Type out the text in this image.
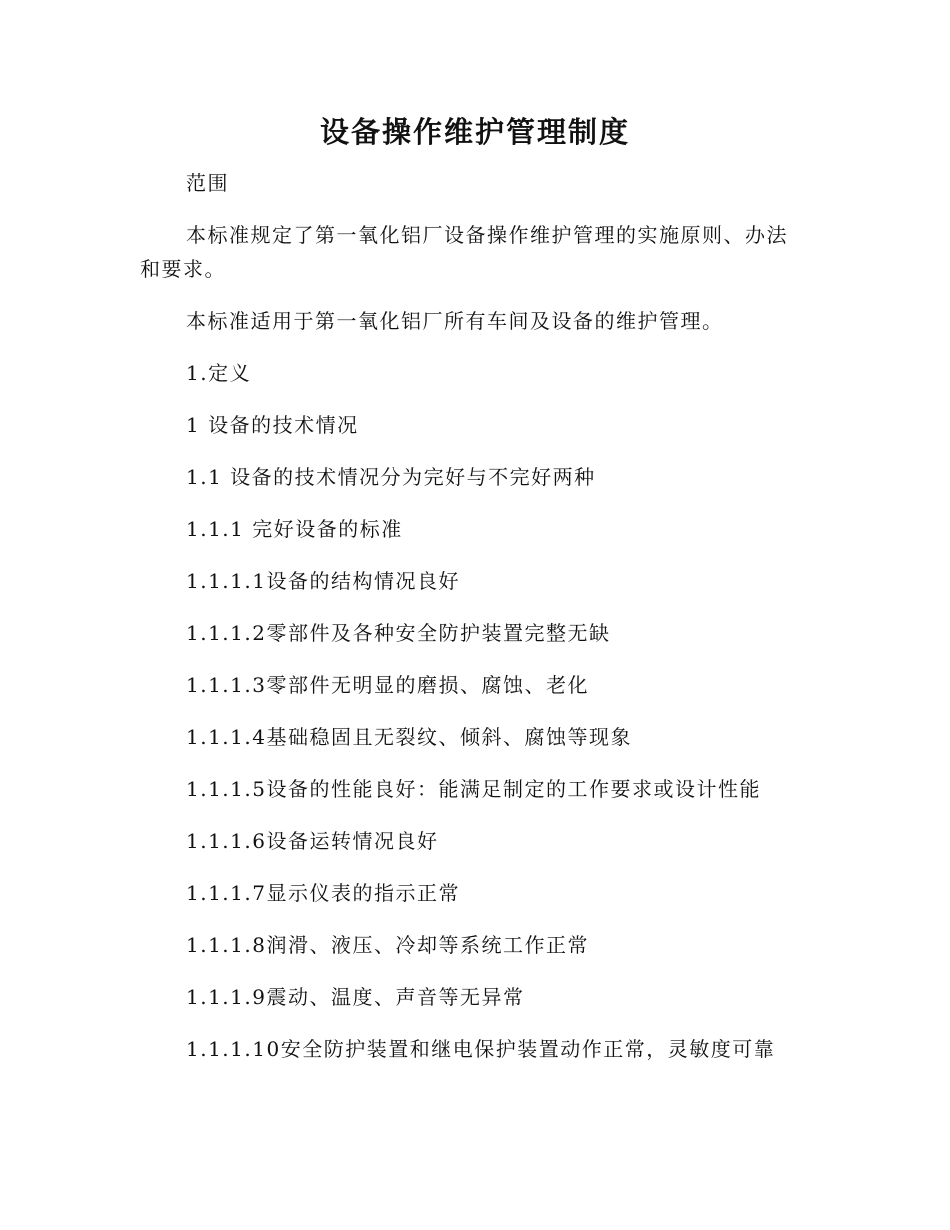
设备操作维护管理制度

范围

本标准规定了第一氧化铝厂设备操作维护管理的实施原则、办法和要求。

本标准适用于第一氧化铝厂所有车间及设备的维护管理。

1.定义

1 设备的技术情况

1.1 设备的技术情况分为完好与不完好两种

1.1.1 完好设备的标准

1.1.1.1设备的结构情况良好

1.1.1.2零部件及各种安全防护装置完整无缺

1.1.1.3零部件无明显的磨损、腐蚀、老化

1.1.1.4基础稳固且无裂纹、倾斜、腐蚀等现象

1.1.1.5设备的性能良好：能满足制定的工作要求或设计性能

1.1.1.6设备运转情况良好

1.1.1.7显示仪表的指示正常

1.1.1.8润滑、液压、冷却等系统工作正常

1.1.1.9震动、温度、声音等无异常

1.1.1.10安全防护装置和继电保护装置动作正常，灵敏度可靠
